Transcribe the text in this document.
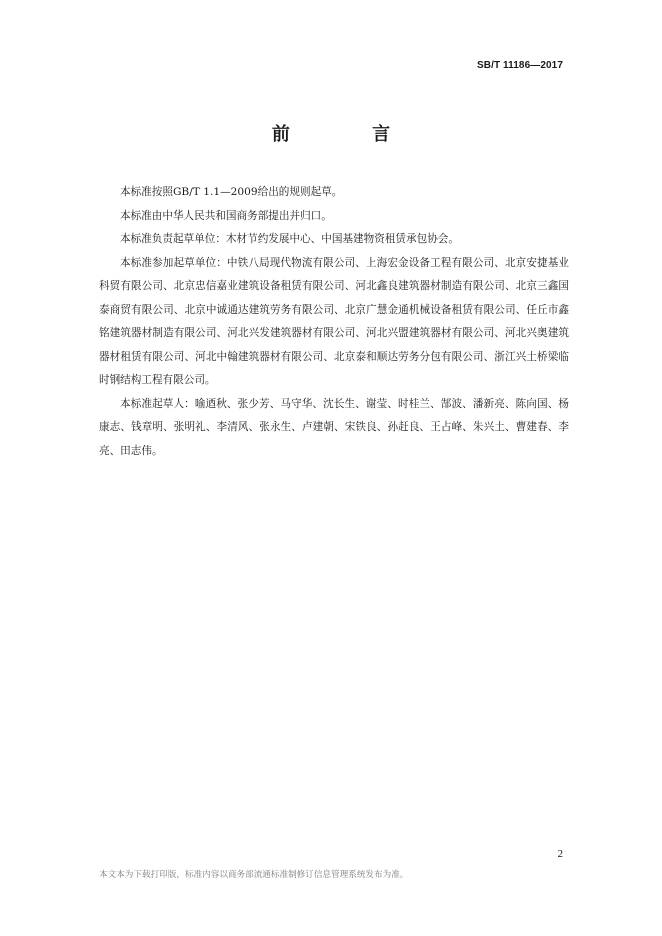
SB/T 11186—2017
前 言

本标准按照GB/T 1.1—2009给出的规则起草。

本标准由中华人民共和国商务部提出并归口。

本标准负责起草单位：木材节约发展中心、中国基建物资租赁承包协会。

本标准参加起草单位：中铁八局现代物流有限公司、上海宏金设备工程有限公司、北京安捷基业科贸有限公司、北京忠信嘉业建筑设备租赁有限公司、河北鑫良建筑器材制造有限公司、北京三鑫国泰商贸有限公司、北京中诚通达建筑劳务有限公司、北京广慧金通机械设备租赁有限公司、任丘市鑫铭建筑器材制造有限公司、河北兴发建筑器材有限公司、河北兴盟建筑器材有限公司、河北兴奥建筑器材租赁有限公司、河北中翰建筑器材有限公司、北京泰和顺达劳务分包有限公司、浙江兴土桥梁临时钢结构工程有限公司。

本标准起草人：喻迺秋、张少芳、马守华、沈长生、谢莹、时桂兰、郜波、潘新亮、陈向国、杨康志、钱章明、张明礼、李清风、张永生、卢建朝、宋铁良、孙赶良、王占峰、朱兴土、曹建春、李亮、田志伟。

2
本文本为下载打印版，标准内容以商务部流通标准制修订信息管理系统发布为准。
